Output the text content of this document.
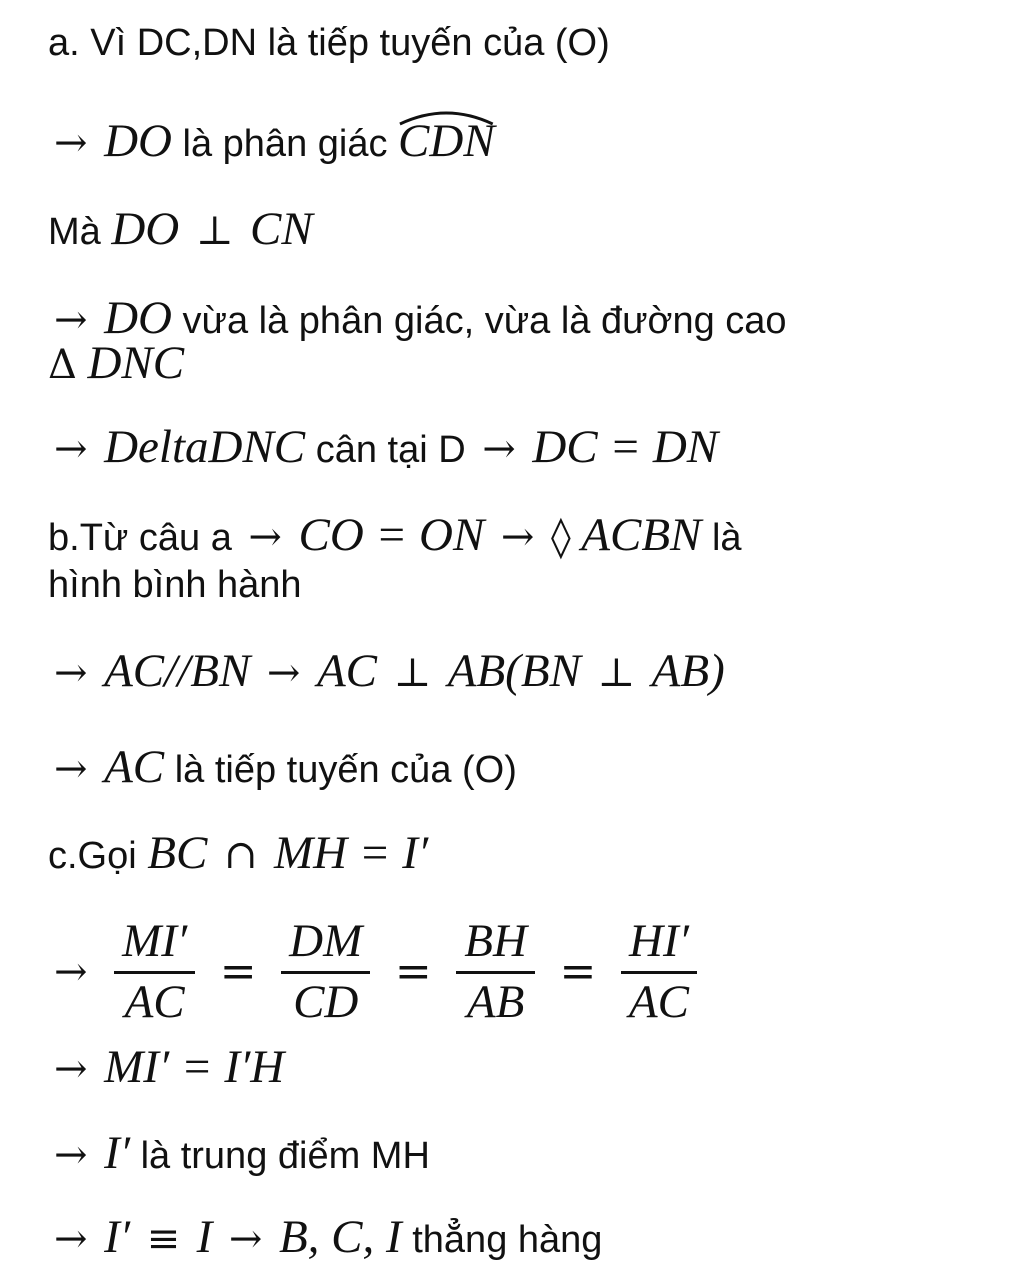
a. Vì DC,DN là tiếp tuyến của (O)
→ DO là phân giác
CDN
Mà DO ⊥ CN
→ DO vừa là phân giác, vừa là đường cao
Δ DNC
→ DeltaDNC cân tại D → DC = DN
b.Từ câu a → CO = ON → ◊ ACBN là
hình bình hành
→ AC//BN → AC ⊥ AB(BN ⊥ AB)
→ AC là tiếp tuyến của (O)
c.Gọi BC ∩ MH = I′
→ $\frac{MI'}{AC} = \frac{DM}{CD} = \frac{BH}{AB} = \frac{HI'}{AC}$
→ MI′ = I′H
→ I′ là trung điểm MH
→ I′ ≡ I → B, C, I thẳng hàng
